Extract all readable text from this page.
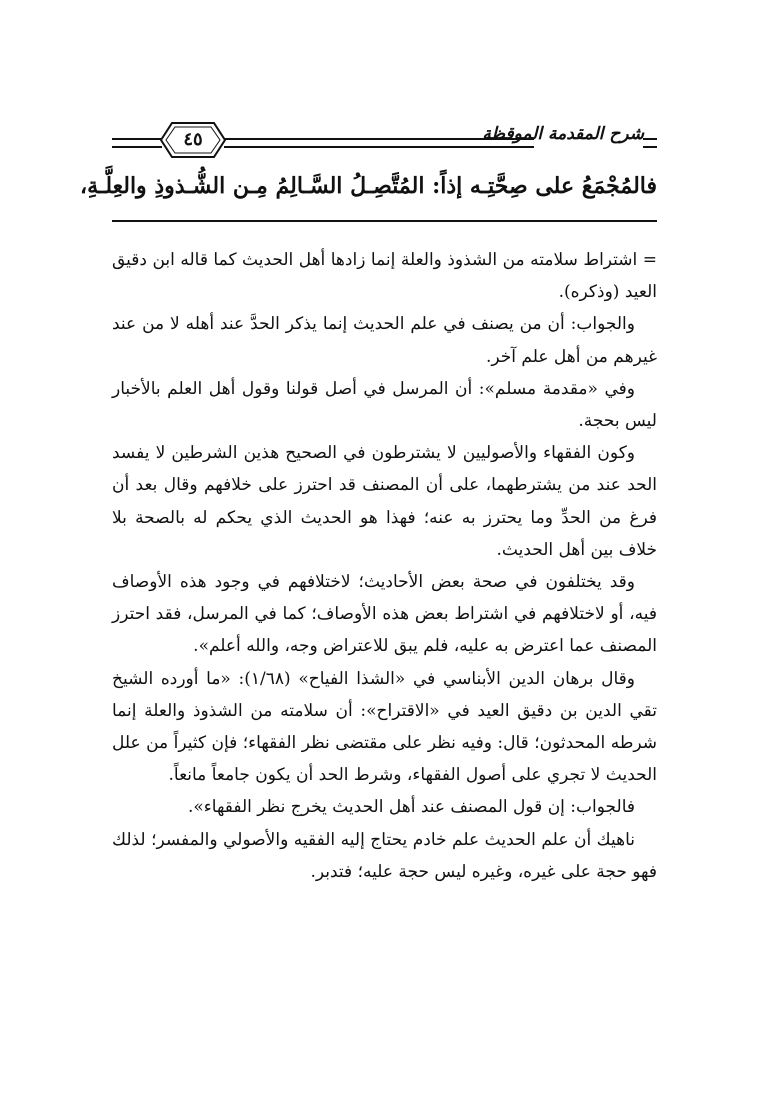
٤٥	شرح المقدمة الموقظة
فالمُجْمَعُ على صِحَّتِـه إذاً: المُتَّصِـلُ السَّـالِمُ مِـن الشُّـذوذِ والعِلَّـةِ،

= اشتراط سلامته من الشذوذ والعلة إنما زادها أهل الحديث كما قاله ابن دقيق العيد (وذكره).

والجواب: أن من يصنف في علم الحديث إنما يذكر الحدَّ عند أهله لا من عند غيرهم من أهل علم آخر.

وفي «مقدمة مسلم»: أن المرسل في أصل قولنا وقول أهل العلم بالأخبار ليس بحجة.

وكون الفقهاء والأصوليين لا يشترطون في الصحيح هذين الشرطين لا يفسد الحد عند من يشترطهما، على أن المصنف قد احترز على خلافهم وقال بعد أن فرغ من الحدِّ وما يحترز به عنه؛ فهذا هو الحديث الذي يحكم له بالصحة بلا خلاف بين أهل الحديث.

وقد يختلفون في صحة بعض الأحاديث؛ لاختلافهم في وجود هذه الأوصاف فيه، أو لاختلافهم في اشتراط بعض هذه الأوصاف؛ كما في المرسل، فقد احترز المصنف عما اعترض به عليه، فلم يبق للاعتراض وجه، والله أعلم».

وقال برهان الدين الأبناسي في «الشذا الفياح» (١/٦٨): «ما أورده الشيخ تقي الدين بن دقيق العيد في «الاقتراح»: أن سلامته من الشذوذ والعلة إنما شرطه المحدثون؛ قال: وفيه نظر على مقتضى نظر الفقهاء؛ فإن كثيراً من علل الحديث لا تجري على أصول الفقهاء، وشرط الحد أن يكون جامعاً مانعاً.

فالجواب: إن قول المصنف عند أهل الحديث يخرج نظر الفقهاء».

ناهيك أن علم الحديث علم خادم يحتاج إليه الفقيه والأصولي والمفسر؛ لذلك فهو حجة على غيره، وغيره ليس حجة عليه؛ فتدبر.
